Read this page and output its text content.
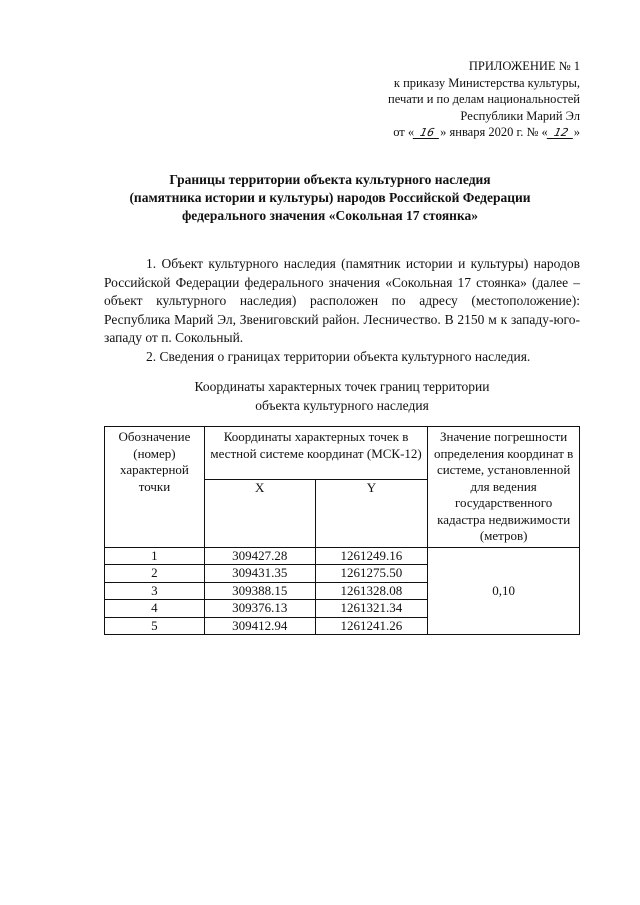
ПРИЛОЖЕНИЕ № 1
к приказу Министерства культуры,
печати и по делам национальностей
Республики Марий Эл
от « 16 » января 2020 г. № « 12 »
Границы территории объекта культурного наследия
(памятника истории и культуры) народов Российской Федерации
федерального значения «Сокольная 17 стоянка»

1. Объект культурного наследия (памятник истории и культуры) народов Российской Федерации федерального значения «Сокольная 17 стоянка» (далее – объект культурного наследия) расположен по адресу (местоположение): Республика Марий Эл, Звениговский район. Лесничество. В 2150 м к западу-юго-западу от п. Сокольный.

2. Сведения о границах территории объекта культурного наследия.

Координаты характерных точек границ территории
объекта культурного наследия
Обозначение (номер) характерной точки	Координаты характерных точек в местной системе координат (МСК-12)		Значение погрешности определения координат в системе, установленной для ведения государственного кадастра недвижимости (метров)
	X	Y	
1	309427.28	1261249.16	0,10
2	309431.35	1261275.50	
3	309388.15	1261328.08	
4	309376.13	1261321.34	
5	309412.94	1261241.26	
